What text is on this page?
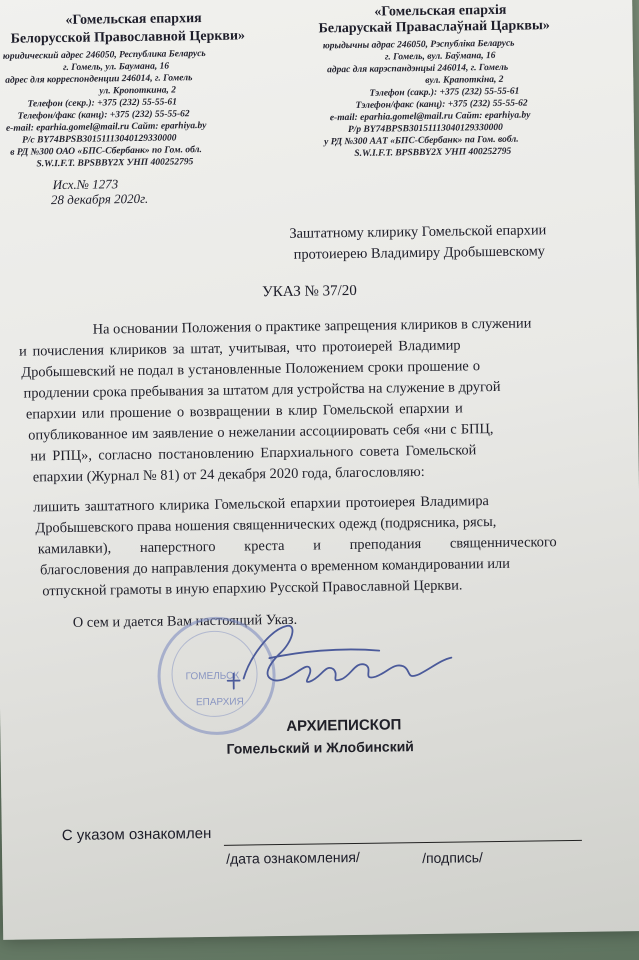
«Гомельская епархия
Белорусской Православной Церкви»
юридический адрес 246050, Республика Беларусь
г. Гомель, ул. Баумана, 16
адрес для корреспонденции 246014, г. Гомель
ул. Кропоткина, 2
Телефон (секр.): +375 (232) 55-55-61
Телефон/факс (канц): +375 (232) 55-55-62
e-mail: eparhia.gomel@mail.ru Сайт: eparhiya.by
Р/с BY74BPSB30151113040129330000
в РД №300 ОАО «БПС-Сбербанк» по Гом. обл.
S.W.I.F.T. BPSBBY2X УНП 400252795
«Гомельская епархія
Беларускай Праваслаўнай Царквы»
юрыдычны адрас 246050, Рэспубліка Беларусь
г. Гомель, вул. Баўмана, 16
адрас для карэспандэнцыі 246014, г. Гомель
вул. Крапоткіна, 2
Тэлефон (сакр.): +375 (232) 55-55-61
Тэлефон/факс (канц): +375 (232) 55-55-62
e-mail: eparhia.gomel@mail.ru Сайт: eparhiya.by
Р/р BY74BPSB30151113040129330000
у РД №300 ААТ «БПС-Сбербанк» па Гом. вобл.
S.W.I.F.T. BPSBBY2X УНП 400252795
Исх.№ 1273
28 декабря 2020г.
Заштатному клирику Гомельской епархии
протоиерею Владимиру Дробышевскому
УКАЗ № 37/20
На основании Положения о практике запрещения клириков в служении
и почисления клириков за штат, учитывая, что протоиерей Владимир
Дробышевский не подал в установленные Положением сроки прошение о
продлении срока пребывания за штатом для устройства на служение в другой
епархии или прошение о возвращении в клир Гомельской епархии и
опубликованное им заявление о нежелании ассоциировать себя «ни с БПЦ,
ни РПЦ», согласно постановлению Епархиального совета Гомельской
епархии (Журнал № 81) от 24 декабря 2020 года, благословляю:
лишить заштатного клирика Гомельской епархии протоиерея Владимира
Дробышевского права ношения священнических одежд (подрясника, рясы,
камилавки),        наперстного        креста        и        преподания        священнического
благословения до направления документа о временном командировании или
отпускной грамоты в иную епархию Русской Православной Церкви.
О сем и дается Вам настоящий Указ.
ГОМЕЛЬСК
ЕПАРХИЯ
АРХИЕПИСКОП
Гомельский и Жлобинский
С указом ознакомлен
/дата ознакомления/	/подпись/
